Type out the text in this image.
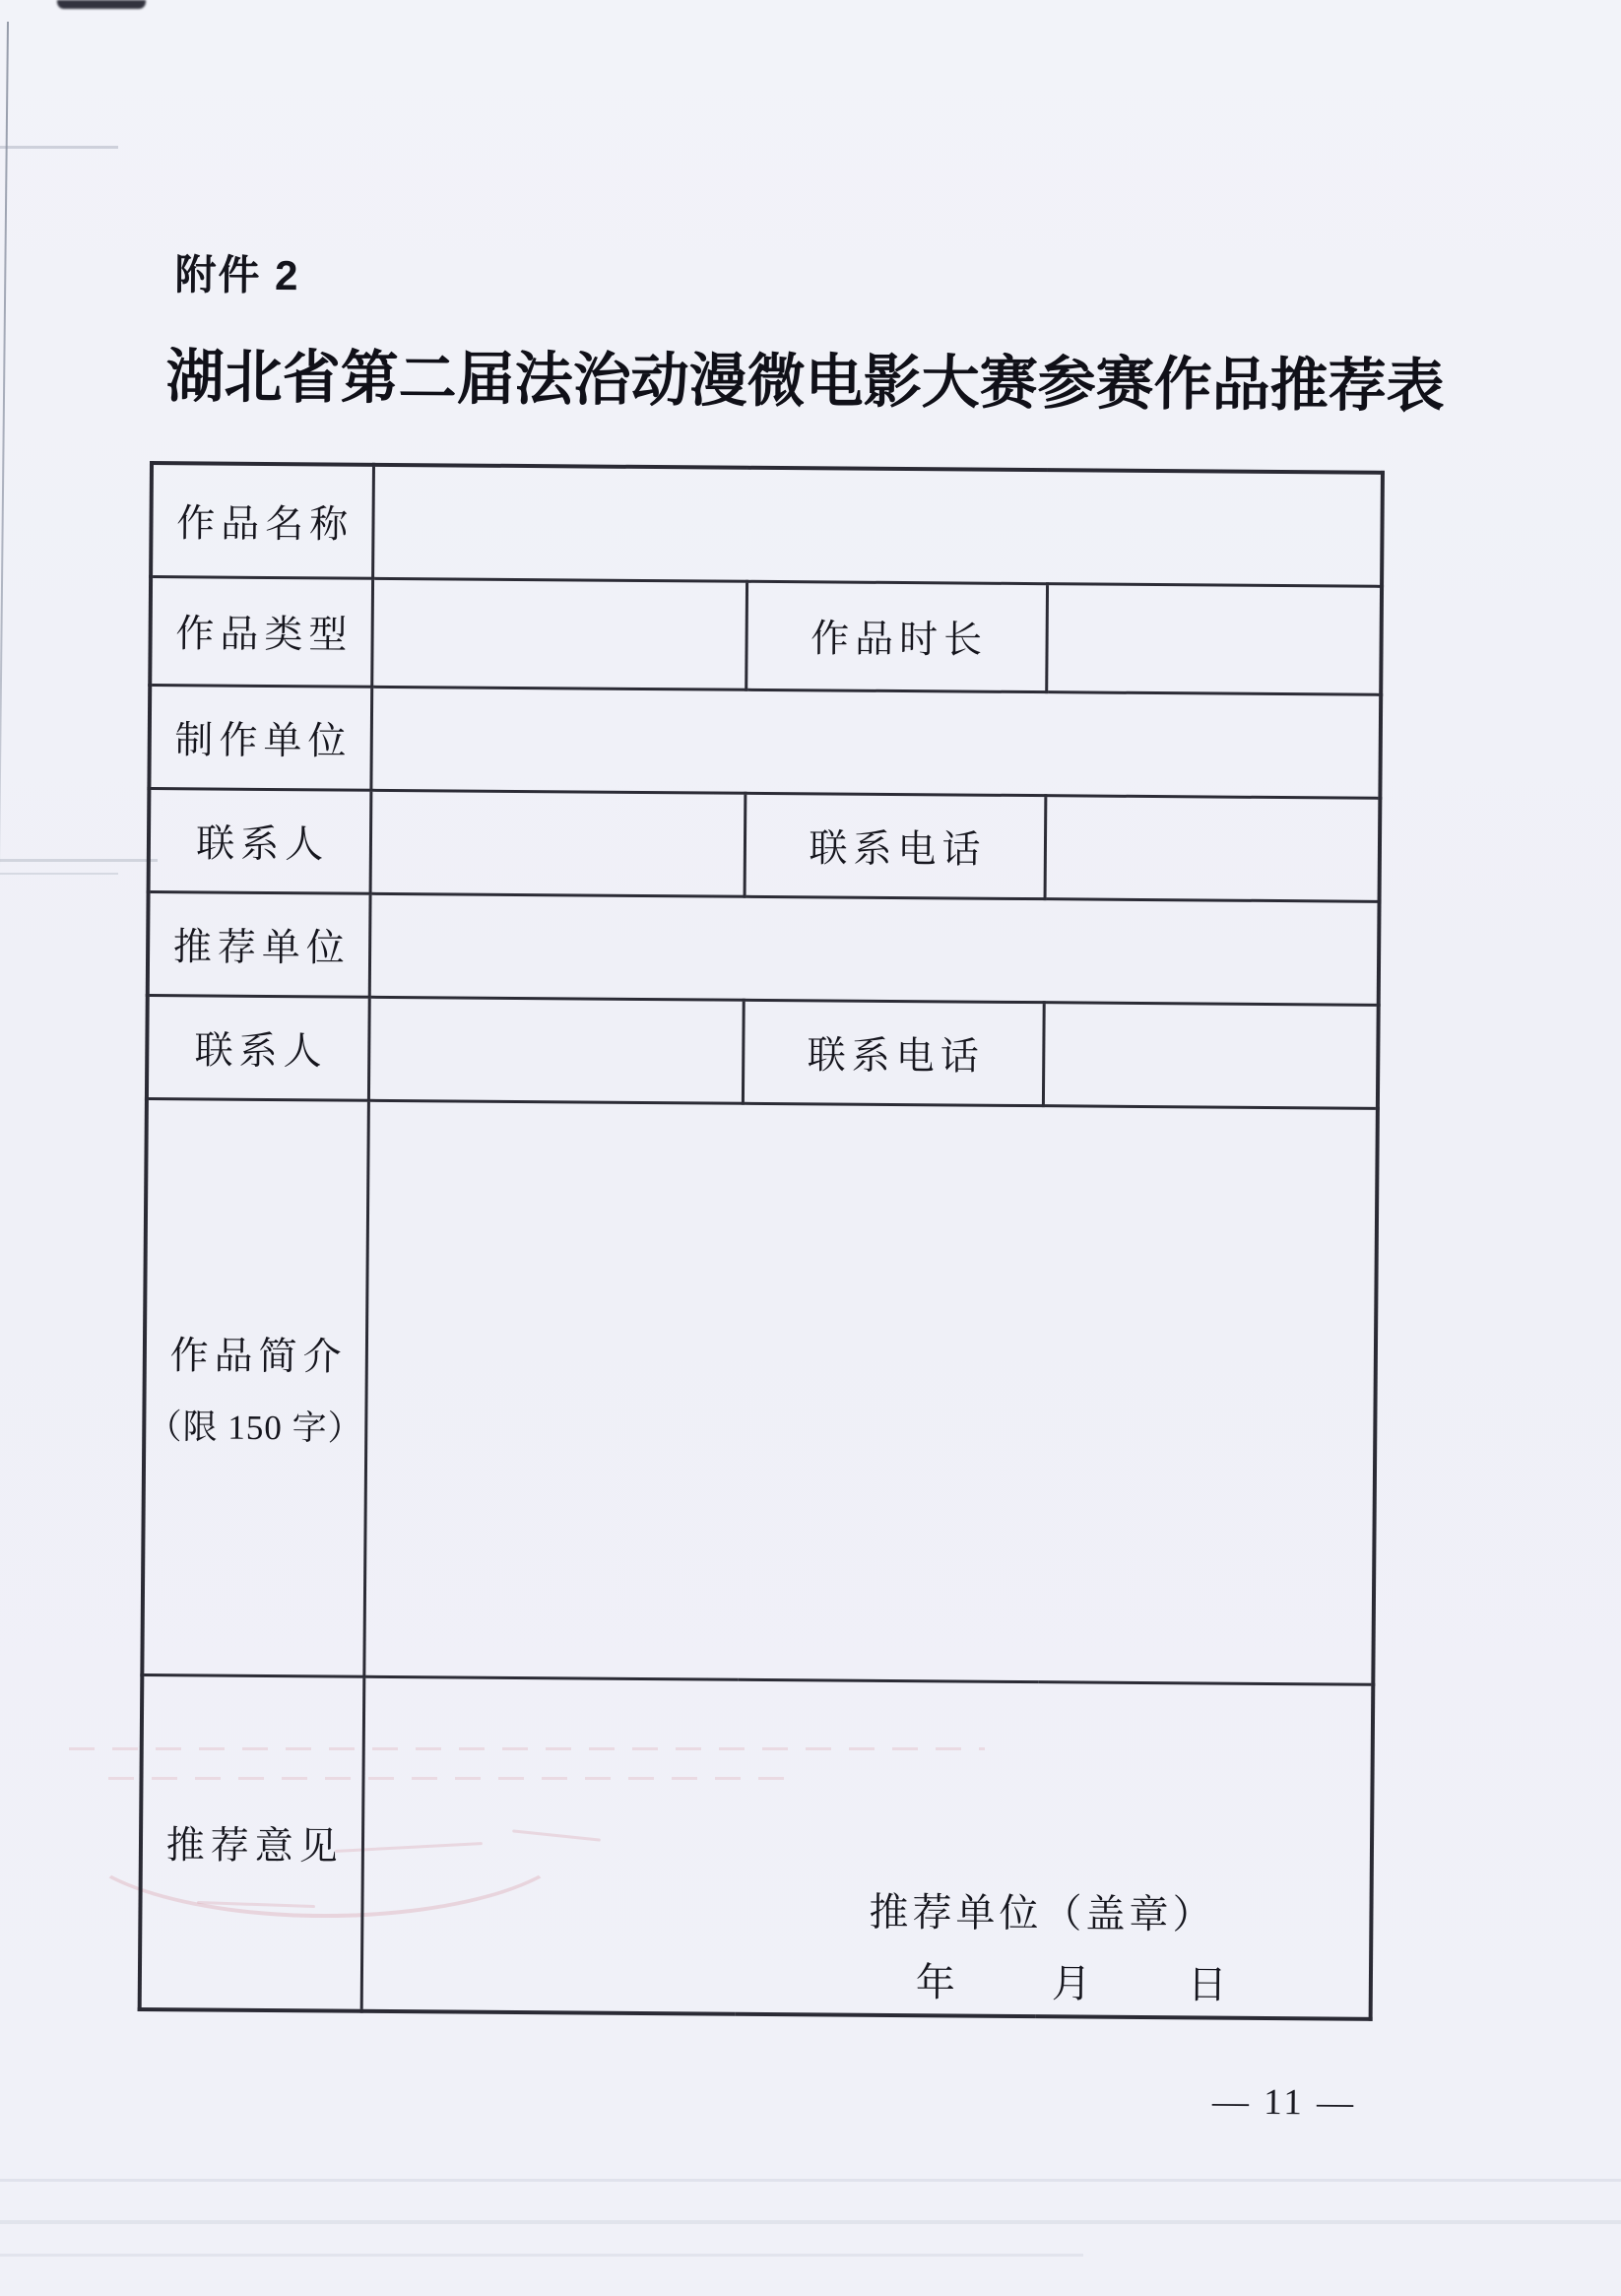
附件 2
湖北省第二届法治动漫微电影大赛参赛作品推荐表
作品名称			
作品类型		作品时长	
制作单位			
联系人		联系电话	
推荐单位			
联系人		联系电话	
作品简介
（限 150 字）			

推荐意见	推荐单位（盖章）
年 月 日		
— 11 —
